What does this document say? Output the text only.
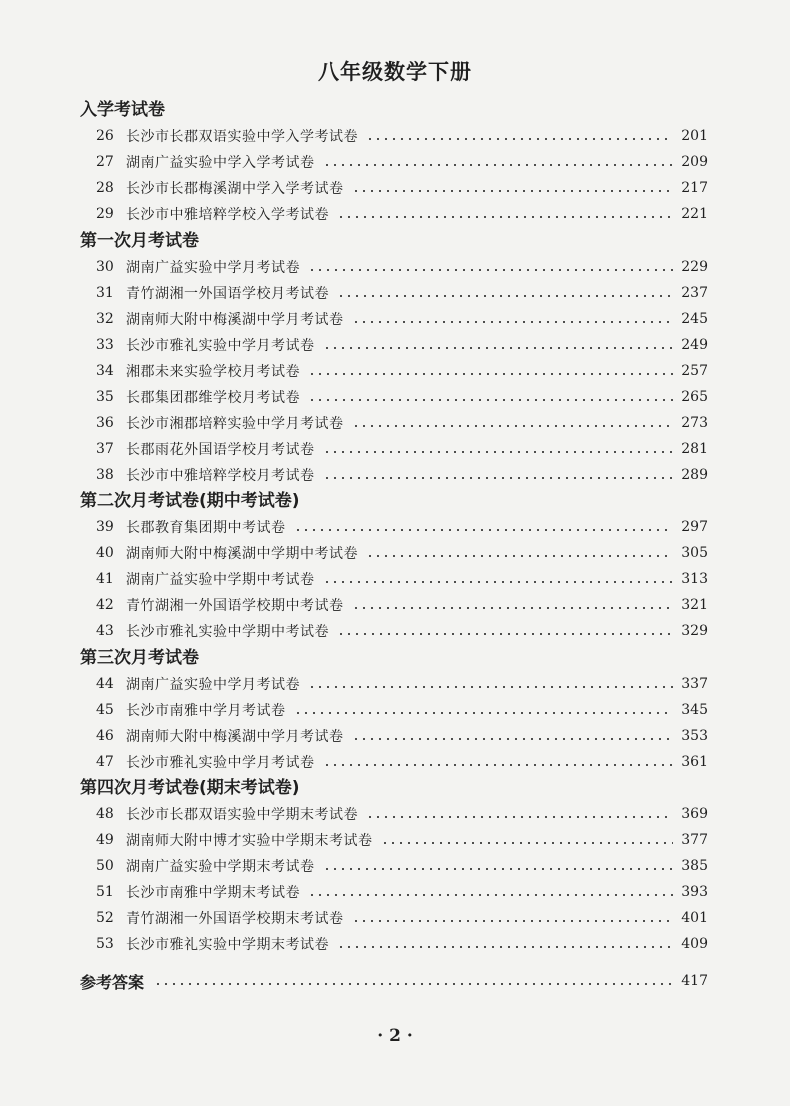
八年级数学下册
入学考试卷
26 长沙市长郡双语实验中学入学考试卷	201
27 湖南广益实验中学入学考试卷	209
28 长沙市长郡梅溪湖中学入学考试卷	217
29 长沙市中雅培粹学校入学考试卷	221
第一次月考试卷
30 湖南广益实验中学月考试卷	229
31 青竹湖湘一外国语学校月考试卷	237
32 湖南师大附中梅溪湖中学月考试卷	245
33 长沙市雅礼实验中学月考试卷	249
34 湘郡未来实验学校月考试卷	257
35 长郡集团郡维学校月考试卷	265
36 长沙市湘郡培粹实验中学月考试卷	273
37 长郡雨花外国语学校月考试卷	281
38 长沙市中雅培粹学校月考试卷	289
第二次月考试卷(期中考试卷)
39 长郡教育集团期中考试卷	297
40 湖南师大附中梅溪湖中学期中考试卷	305
41 湖南广益实验中学期中考试卷	313
42 青竹湖湘一外国语学校期中考试卷	321
43 长沙市雅礼实验中学期中考试卷	329
第三次月考试卷
44 湖南广益实验中学月考试卷	337
45 长沙市南雅中学月考试卷	345
46 湖南师大附中梅溪湖中学月考试卷	353
47 长沙市雅礼实验中学月考试卷	361
第四次月考试卷(期末考试卷)
48 长沙市长郡双语实验中学期末考试卷	369
49 湖南师大附中博才实验中学期末考试卷	377
50 湖南广益实验中学期末考试卷	385
51 长沙市南雅中学期末考试卷	393
52 青竹湖湘一外国语学校期末考试卷	401
53 长沙市雅礼实验中学期末考试卷	409
参考答案	417
· 2 ·
